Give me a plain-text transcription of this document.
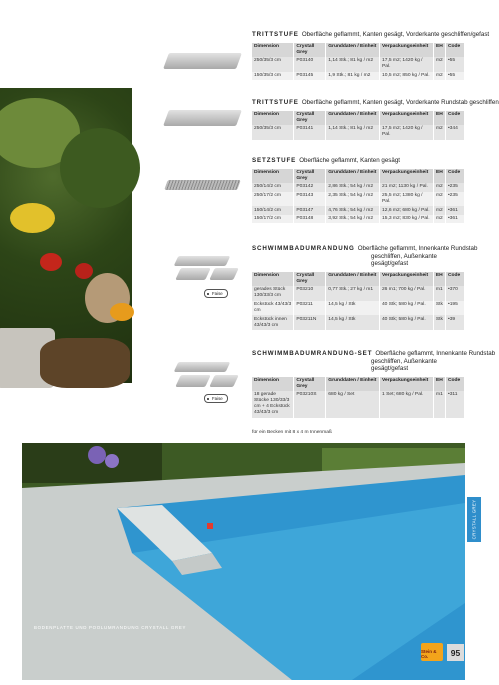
Faise
Faise
TRITTSTUFE Oberfläche geflammt, Kanten gesägt, Vorderkante geschliffen/gefast
Dimension	Crystall Grey	Grunddaten / Einheit	Verpackungseinheit	EH	Code
250/35/3 cm	P03140	1,14 Stk.; 81 kg / m2	17,5 m2; 1420 kg / Pal.	m2	•55
150/35/3 cm	P03145	1,9 Stk.; 81 kg / m2	10,5 m2; 850 kg / Pal.	m2	•55
TRITTSTUFE Oberfläche geflammt, Kanten gesägt, Vorderkante Rundstab geschliffen
Dimension	Crystall Grey	Grunddaten / Einheit	Verpackungseinheit	EH	Code
250/35/3 cm	P03141	1,14 Stk.; 81 kg / m2	17,5 m2; 1420 kg / Pal.	m2	•344
SETZSTUFE Oberfläche geflammt, Kanten gesägt
Dimension	Crystall Grey	Grunddaten / Einheit	Verpackungseinheit	EH	Code
250/14/2 cm	P03142	2,86 Stk.; 54 kg / m2	21 m2; 1130 kg / Pal.	m2	•235
250/17/2 cm	P03143	2,35 Stk.; 54 kg / m2	25,5 m2; 1380 kg / Pal.	m2	•235
150/14/2 cm	P03147	4,76 Stk.; 54 kg / m2	12,6 m2; 680 kg / Pal.	m2	•361
150/17/2 cm	P03148	3,92 Stk.; 54 kg / m2	15,3 m2; 830 kg / Pal.	m2	•361
SCHWIMMBADUMRANDUNG Oberfläche geflammt, Innenkante Rundstab
geschliffen, Außenkante gesägt/gefast
Dimension	Crystall Grey	Grunddaten / Einheit	Verpackungseinheit	EH	Code
gerades Stück 130/33/3 cm	P03210	0,77 Stk.; 27 kg / m1	26 m1; 700 kg / Pal.	m1	•370
Eckstück 43/43/3 cm	P03211	14,5 kg / Stk	40 Stk; 580 kg / Pal.	Stk	•195
Eckstück innen 43/43/3 cm	P03211N	14,5 kg / Stk	40 Stk; 580 kg / Pal.	Stk	•39
SCHWIMMBADUMRANDUNG-SET Oberfläche geflammt, Innenkante Rundstab
geschliffen, Außenkante gesägt/gefast
Dimension	Crystall Grey	Grunddaten / Einheit	Verpackungseinheit	EH	Code
18 gerade Stücke 130/33/3 cm + 4 Eckstück 43/43/3 cm	P03210S	680 kg / Set	1 Set; 680 kg / Pal.	m1	•311
für ein Becken mit 8 x 4 m Innenmaß
BODENPLATTE UND POOLUMRANDUNG CRYSTALL GREY
CRYSTALL GREY
Stein & Co.	95
